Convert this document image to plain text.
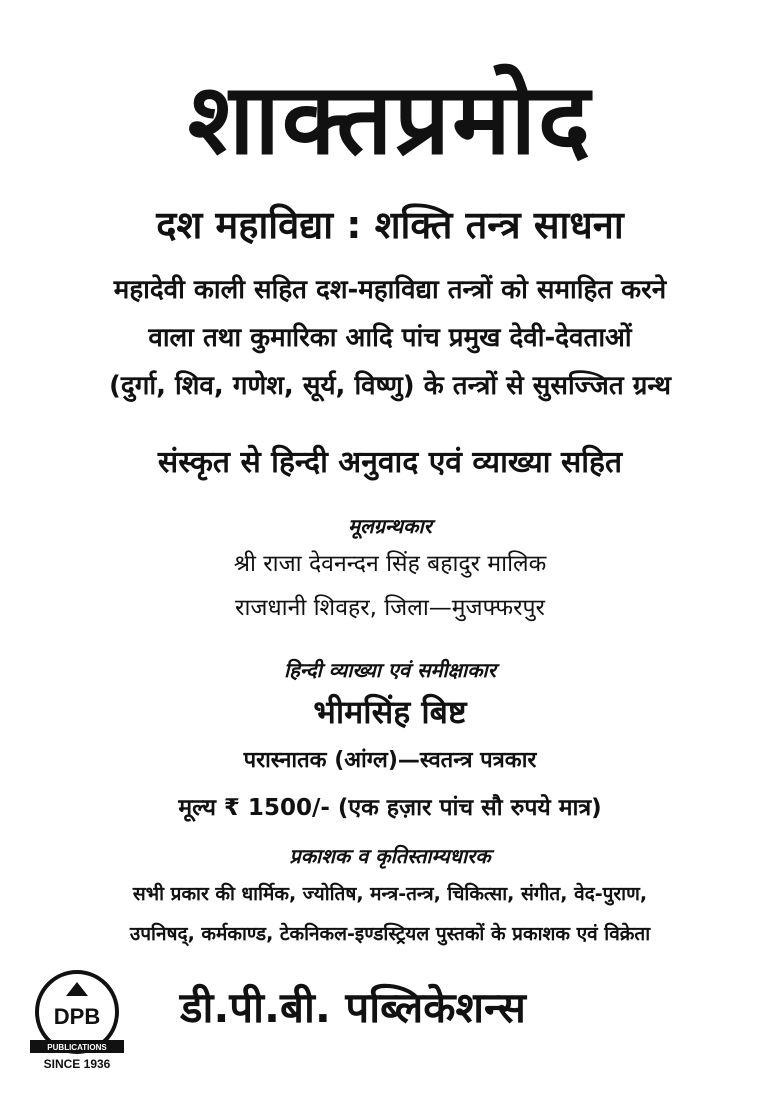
शाक्तप्रमोद
दश महाविद्या : शक्ति तन्त्र साधना
महादेवी काली सहित दश-महाविद्या तन्त्रों को समाहित करने
वाला तथा कुमारिका आदि पांच प्रमुख देवी-देवताओं
(दुर्गा, शिव, गणेश, सूर्य, विष्णु) के तन्त्रों से सुसज्जित ग्रन्थ
संस्कृत से हिन्दी अनुवाद एवं व्याख्या सहित
मूलग्रन्थकार
श्री राजा देवनन्दन सिंह बहादुर मालिक
राजधानी शिवहर, जिला—मुजफ्फरपुर
हिन्दी व्याख्या एवं समीक्षाकार
भीमसिंह बिष्ट
परास्नातक (आंग्ल)—स्वतन्त्र पत्रकार
मूल्य ₹ 1500/- (एक हज़ार पांच सौ रुपये मात्र)
प्रकाशक व कृतिस्ताम्यधारक
सभी प्रकार की धार्मिक, ज्योतिष, मन्त्र-तन्त्र, चिकित्सा, संगीत, वेद-पुराण,
उपनिषद्, कर्मकाण्ड, टेकनिकल-इण्डस्ट्रियल पुस्तकों के प्रकाशक एवं विक्रेता
DPB
PUBLICATIONS
SINCE 1936
डी.पी.बी. पब्लिकेशन्स
